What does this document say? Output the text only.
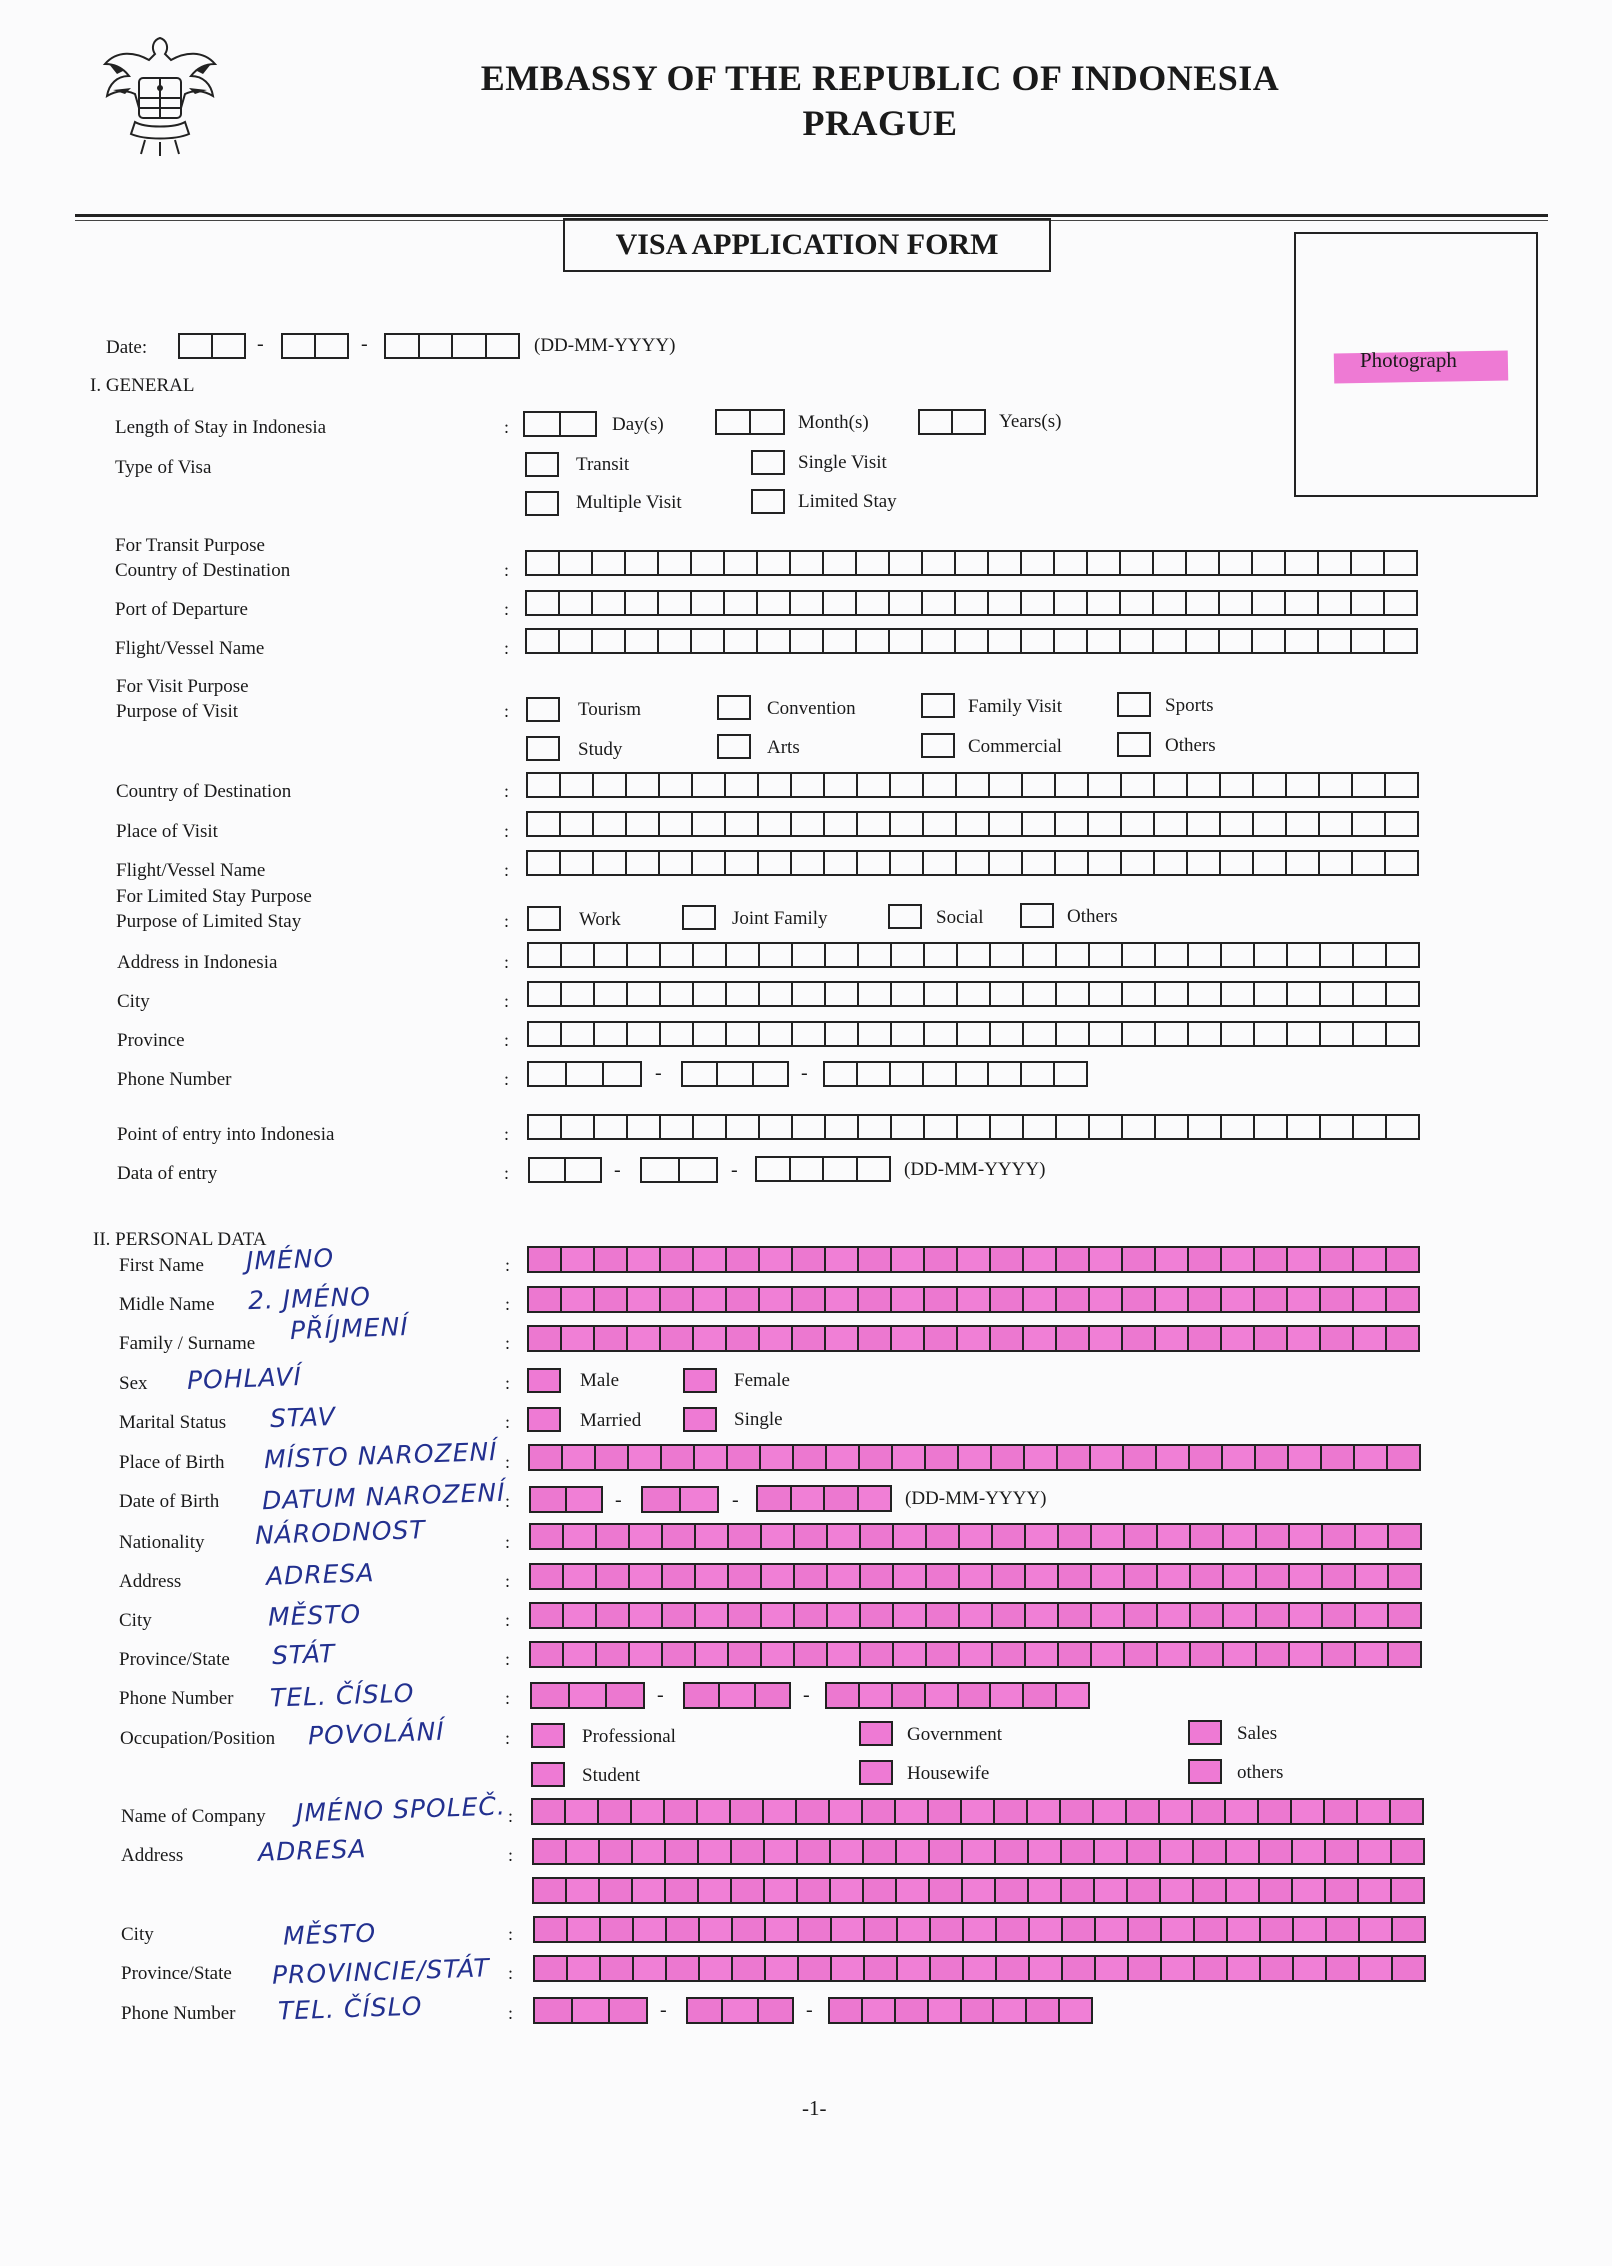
EMBASSY OF THE REPUBLIC OF INDONESIA
PRAGUE
VISA APPLICATION FORM
Photograph
Date:	-	-	(DD-MM-YYYY)
I. GENERAL
Length of Stay in Indonesia	:	Day(s)	Month(s)	Years(s)
Type of Visa	Transit	Single Visit
Multiple Visit	Limited Stay
For Transit Purpose
Country of Destination	:
Port of Departure	:
Flight/Vessel Name	:
For Visit Purpose
Purpose of Visit	:	Tourism	Convention	Family Visit	Sports
Study	Arts	Commercial	Others
Country of Destination	:
Place of Visit	:
Flight/Vessel Name	:
For Limited Stay Purpose
Purpose of Limited Stay	:	Work	Joint Family	Social	Others
Address in Indonesia	:
City	:
Province	:
Phone Number	:	-	-
Point of entry into Indonesia	:
Data of entry	:	-	-	(DD-MM-YYYY)
II. PERSONAL DATA
First Name JMÉNO	:
Midle Name 2. JMÉNO	:
Family / Surname PŘÍJMENÍ	:
Sex POHLAVÍ	:	Male	Female
Marital Status STAV	:	Married	Single
Place of Birth MÍSTO NAROZENÍ :
Date of Birth DATUM NAROZENÍ :	-	-	(DD-MM-YYYY)
Nationality NÁRODNOST	:
Address	ADRESA	:
City	MĚSTO	:
Province/State STÁT	:
Phone Number TEL. ČÍSLO	:	-	-
Occupation/Position POVOLÁNÍ	:	Professional	Government	Sales
Student	Housewife	others
Name of Company JMÉNO SPOLEČ. :
Address	ADRESA	:
City	MĚSTO	:
Province/State PROVINCIE/STÁT :
Phone Number TEL. ČÍSLO	:	-	-
-1-
